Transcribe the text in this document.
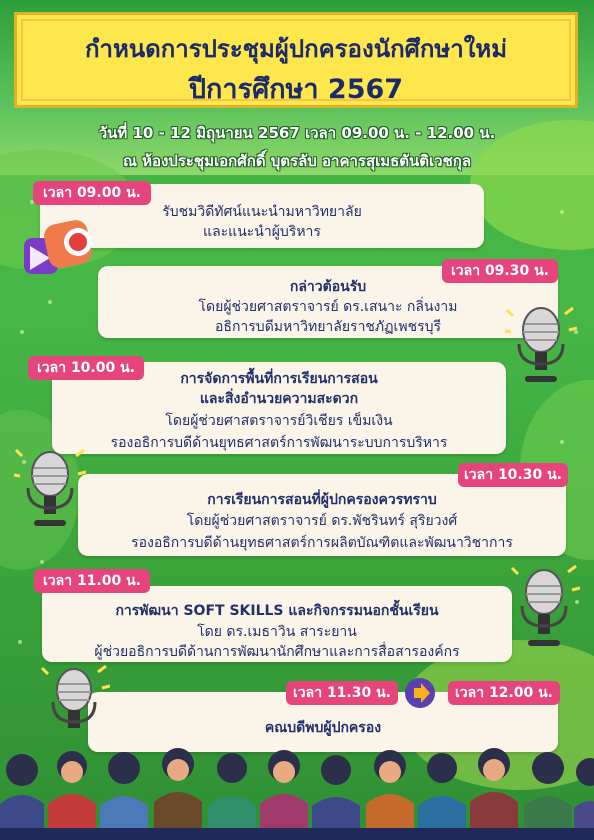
กำหนดการประชุมผู้ปกครองนักศึกษาใหม่
ปีการศึกษา 2567
วันที่ 10 - 12 มิถุนายน 2567 เวลา 09.00 น. - 12.00 น.
ณ ห้องประชุมเอกศักดิ์ บุตรลับ อาคารสุเมธตันติเวชกุล
รับชมวิดีทัศน์แนะนำมหาวิทยาลัย
และแนะนำผู้บริหาร
เวลา 09.00 น.
กล่าวต้อนรับ
โดยผู้ช่วยศาสตราจารย์ ดร.เสนาะ กลิ่นงาม
อธิการบดีมหาวิทยาลัยราชภัฏเพชรบุรี
เวลา 09.30 น.
การจัดการพื้นที่การเรียนการสอน
และสิ่งอำนวยความสะดวก
โดยผู้ช่วยศาสตราจารย์วิเชียร เข็มเงิน
รองอธิการบดีด้านยุทธศาสตร์การพัฒนาระบบการบริหาร
เวลา 10.00 น.
การเรียนการสอนที่ผู้ปกครองควรทราบ
โดยผู้ช่วยศาสตราจารย์ ดร.พัชรินทร์ สุริยวงศ์
รองอธิการบดีด้านยุทธศาสตร์การผลิตบัณฑิตและพัฒนาวิชาการ
เวลา 10.30 น.
การพัฒนา SOFT SKILLS และกิจกรรมนอกชั้นเรียน
โดย ดร.เมธาวิน สาระยาน
ผู้ช่วยอธิการบดีด้านการพัฒนานักศึกษาและการสื่อสารองค์กร
เวลา 11.00 น.
คณบดีพบผู้ปกครอง
เวลา 11.30 น.	เวลา 12.00 น.
